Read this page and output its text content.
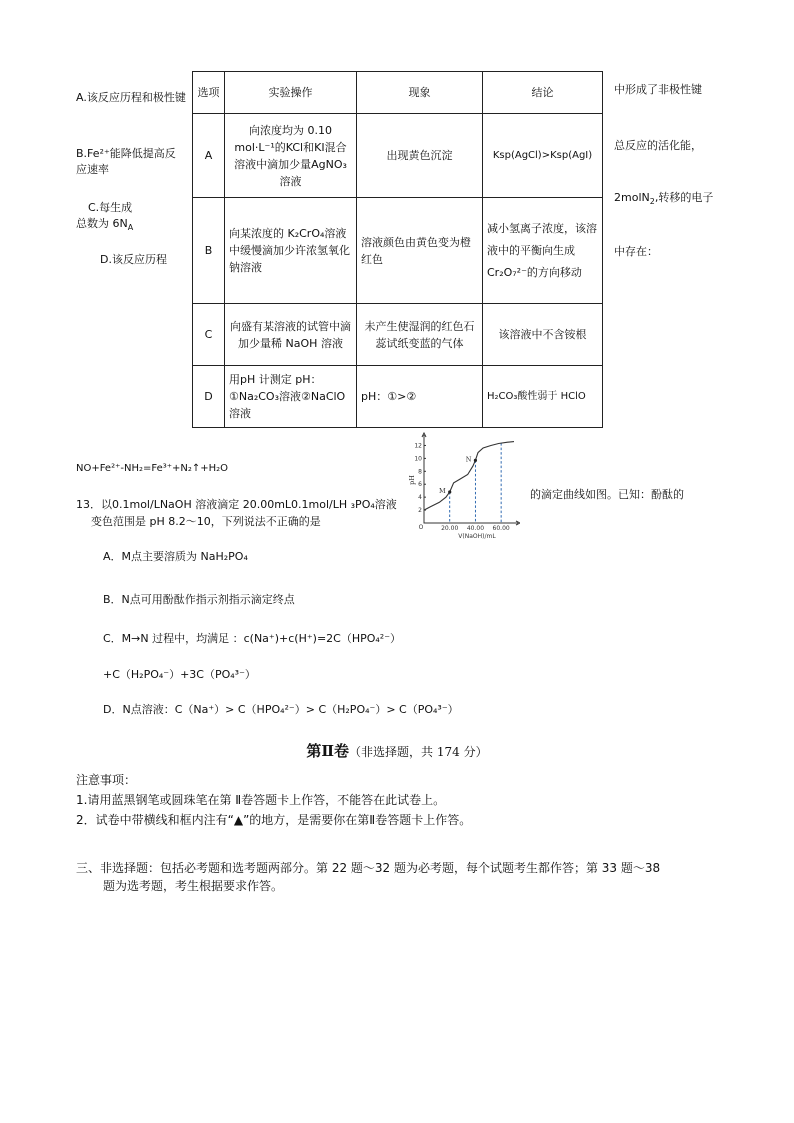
A.该反应历程和极性键
B.Fe²⁺能降低提高反应速率
C.每生成
总数为 $6N_A$
D.该反应历程
中形成了非极性键
总反应的活化能，
2molN$_2$,转移的电子
中存在：
选项	实验操作	现象	结论
A	向浓度均为 0.10 mol·L⁻¹的KCl和KI混合溶液中滴加少量AgNO₃溶液	出现黄色沉淀	Ksp(AgCl)>Ksp(AgI)
B	向某浓度的 K₂CrO₄溶液中缓慢滴加少许浓氢氧化钠溶液	溶液颜色由黄色变为橙红色	减小氢离子浓度，该溶液中的平衡向生成Cr₂O₇²⁻的方向移动
C	向盛有某溶液的试管中滴加少量稀 NaOH 溶液	未产生使湿润的红色石蕊试纸变蓝的气体	该溶液中不含铵根
D	用pH 计测定 pH：①Na₂CO₃溶液②NaClO 溶液	pH：①>②	H₂CO₃酸性弱于 HClO
NO+Fe²⁺-NH₂=Fe³⁺+N₂↑+H₂O
13．以0.1mol/LNaOH 溶液滴定 20.00mL0.1mol/LH ₃PO₄溶液
的滴定曲线如图。已知：酚酞的
变色范围是 pH 8.2～10，下列说法不正确的是
2
4
6
8
10
12
O	20.00 40.00 60.00
M
N
pH
V(NaOH)/mL
A．M点主要溶质为 NaH₂PO₄
B．N点可用酚酞作指示剂指示滴定终点
C．M→N 过程中，均满足 ：c(Na⁺)+c(H⁺)=2C（HPO₄²⁻）
+C（H₂PO₄⁻）+3C（PO₄³⁻）
D．N点溶液：C（Na⁺）> C（HPO₄²⁻）> C（H₂PO₄⁻）> C（PO₄³⁻）
第Ⅱ卷（非选择题，共 174 分）
注意事项：
1.请用蓝黑钢笔或圆珠笔在第 Ⅱ卷答题卡上作答，不能答在此试卷上。
2．试卷中带横线和框内注有“▲”的地方，是需要你在第Ⅱ卷答题卡上作答。
三、非选择题：包括必考题和选考题两部分。第 22 题～32 题为必考题，每个试题考生都作答；第 33 题～38
题为选考题，考生根据要求作答。
